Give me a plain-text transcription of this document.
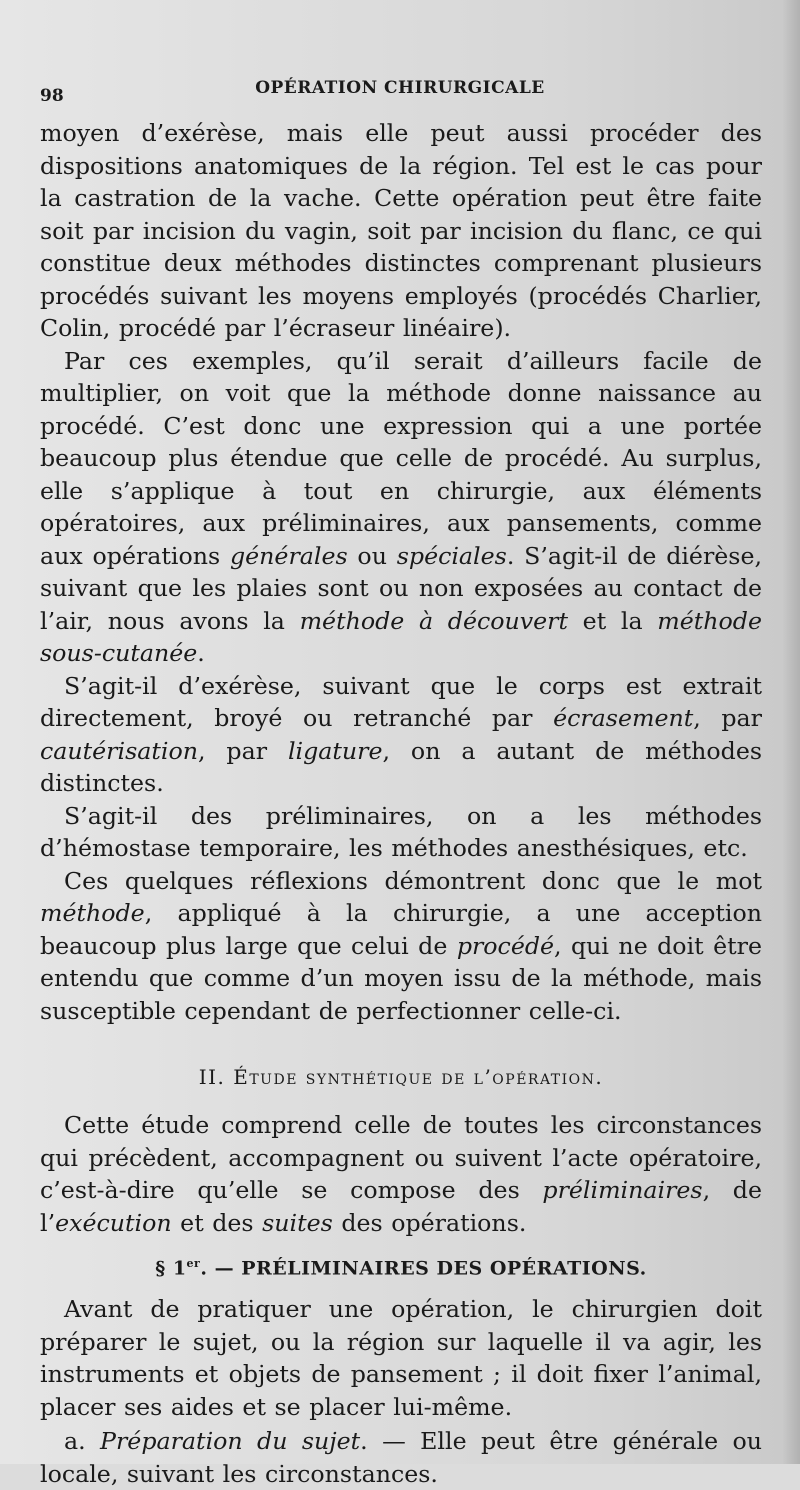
98	OPÉRATION CHIRURGICALE

moyen d’exérèse, mais elle peut aussi procéder des dispositions anatomiques de la région. Tel est le cas pour la castration de la vache. Cette opération peut être faite soit par incision du vagin, soit par incision du flanc, ce qui constitue deux méthodes distinctes comprenant plusieurs procédés suivant les moyens employés (procédés Charlier, Colin, procédé par l’écraseur linéaire).

Par ces exemples, qu’il serait d’ailleurs facile de multiplier, on voit que la méthode donne naissance au procédé. C’est donc une expression qui a une portée beaucoup plus étendue que celle de procédé. Au surplus, elle s’applique à tout en chirurgie, aux éléments opératoires, aux préliminaires, aux pansements, comme aux opérations générales ou spéciales. S’agit-il de diérèse, suivant que les plaies sont ou non exposées au contact de l’air, nous avons la méthode à découvert et la méthode sous-cutanée.

S’agit-il d’exérèse, suivant que le corps est extrait directement, broyé ou retranché par écrasement, par cautérisation, par ligature, on a autant de méthodes distinctes.

S’agit-il des préliminaires, on a les méthodes d’hémostase temporaire, les méthodes anesthésiques, etc.

Ces quelques réflexions démontrent donc que le mot méthode, appliqué à la chirurgie, a une acception beaucoup plus large que celui de procédé, qui ne doit être entendu que comme d’un moyen issu de la méthode, mais susceptible cependant de perfectionner celle-ci.

II. Étude synthétique de l’opération.

Cette étude comprend celle de toutes les circonstances qui précèdent, accompagnent ou suivent l’acte opératoire, c’est-à-dire qu’elle se compose des préliminaires, de l’exécution et des suites des opérations.

§ 1er. — PRÉLIMINAIRES DES OPÉRATIONS.

Avant de pratiquer une opération, le chirurgien doit préparer le sujet, ou la région sur laquelle il va agir, les instruments et objets de pansement ; il doit fixer l’animal, placer ses aides et se placer lui-même.

a. Préparation du sujet. — Elle peut être générale ou locale, suivant les circonstances.
